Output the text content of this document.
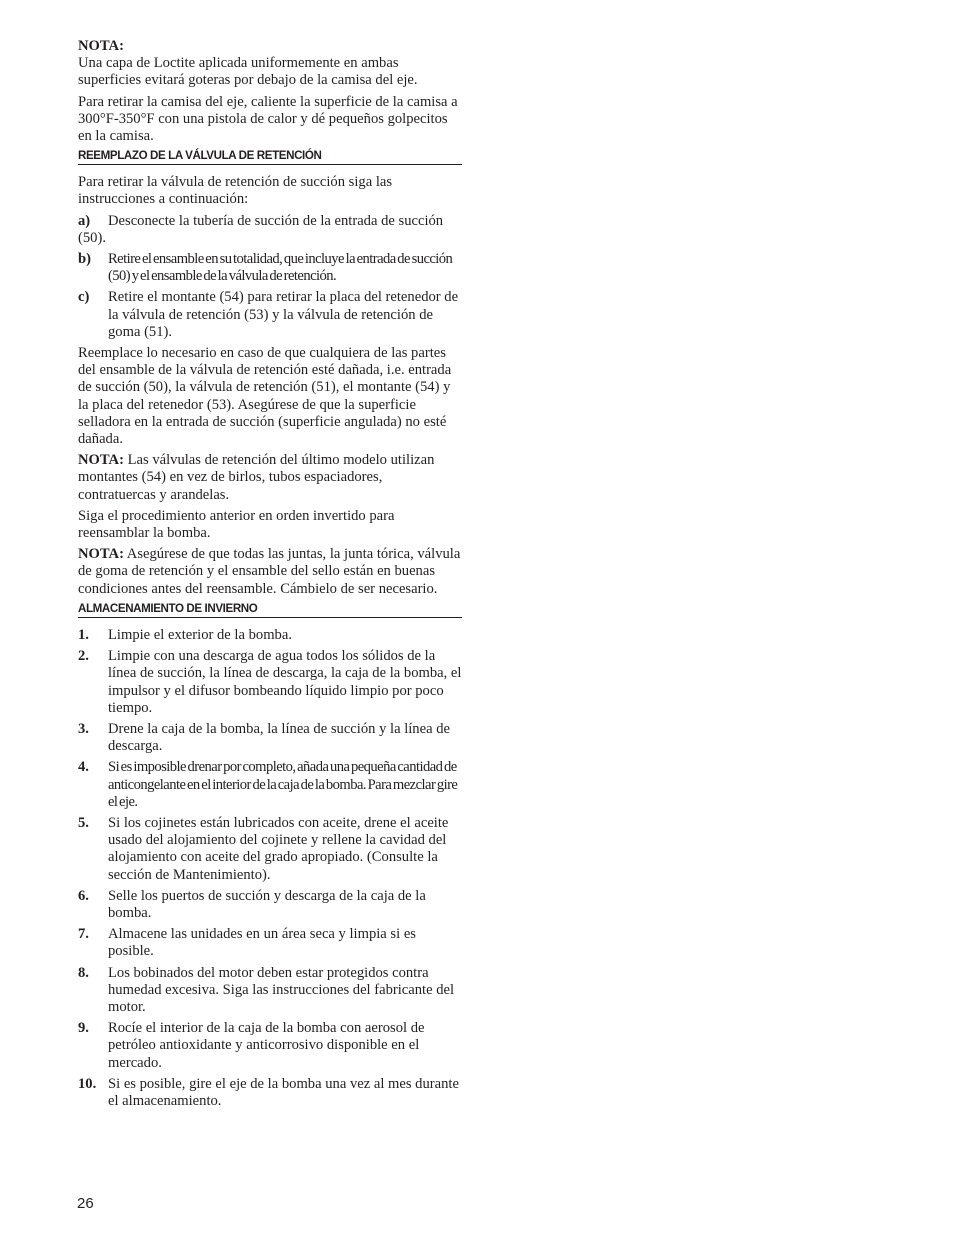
NOTA:
Una capa de Loctite aplicada uniformemente en ambas superficies evitará goteras por debajo de la camisa del eje.

Para retirar la camisa del eje, caliente la superficie de la camisa a 300°F-350°F con una pistola de calor y dé pequeños golpecitos en la camisa.

REEMPLAZO DE LA VÁLVULA DE RETENCIÓN

Para retirar la válvula de retención de succión siga las instrucciones a continuación:

a) Desconecte la tubería de succión de la entrada de succión (50).
b) Retire el ensamble en su totalidad, que incluye la entrada de succión (50) y el ensamble de la válvula de retención.
c) Retire el montante (54) para retirar la placa del retenedor de la válvula de retención (53) y la válvula de retención de goma (51).

Reemplace lo necesario en caso de que cualquiera de las partes del ensamble de la válvula de retención esté dañada, i.e. entrada de succión (50), la válvula de retención (51), el montante (54) y la placa del retenedor (53). Asegúrese de que la superficie selladora en la entrada de succión (superficie angulada) no esté dañada.

NOTA: Las válvulas de retención del último modelo utilizan montantes (54) en vez de birlos, tubos espaciadores, contratuercas y arandelas.

Siga el procedimiento anterior en orden invertido para reensamblar la bomba.

NOTA: Asegúrese de que todas las juntas, la junta tórica, válvula de goma de retención y el ensamble del sello están en buenas condiciones antes del reensamble. Cámbielo de ser necesario.

ALMACENAMIENTO DE INVIERNO
1. Limpie el exterior de la bomba.
2. Limpie con una descarga de agua todos los sólidos de la línea de succión, la línea de descarga, la caja de la bomba, el impulsor y el difusor bombeando líquido limpio por poco tiempo.
3. Drene la caja de la bomba, la línea de succión y la línea de descarga.
4. Si es imposible drenar por completo, añada una pequeña cantidad de anticongelante en el interior de la caja de la bomba. Para mezclar gire el eje.
5. Si los cojinetes están lubricados con aceite, drene el aceite usado del alojamiento del cojinete y rellene la cavidad del alojamiento con aceite del grado apropiado. (Consulte la sección de Mantenimiento).
6. Selle los puertos de succión y descarga de la caja de la bomba.
7. Almacene las unidades en un área seca y limpia si es posible.
8. Los bobinados del motor deben estar protegidos contra humedad excesiva. Siga las instrucciones del fabricante del motor.
9. Rocíe el interior de la caja de la bomba con aerosol de petróleo antioxidante y anticorrosivo disponible en el mercado.
10. Si es posible, gire el eje de la bomba una vez al mes durante el almacenamiento.
26
